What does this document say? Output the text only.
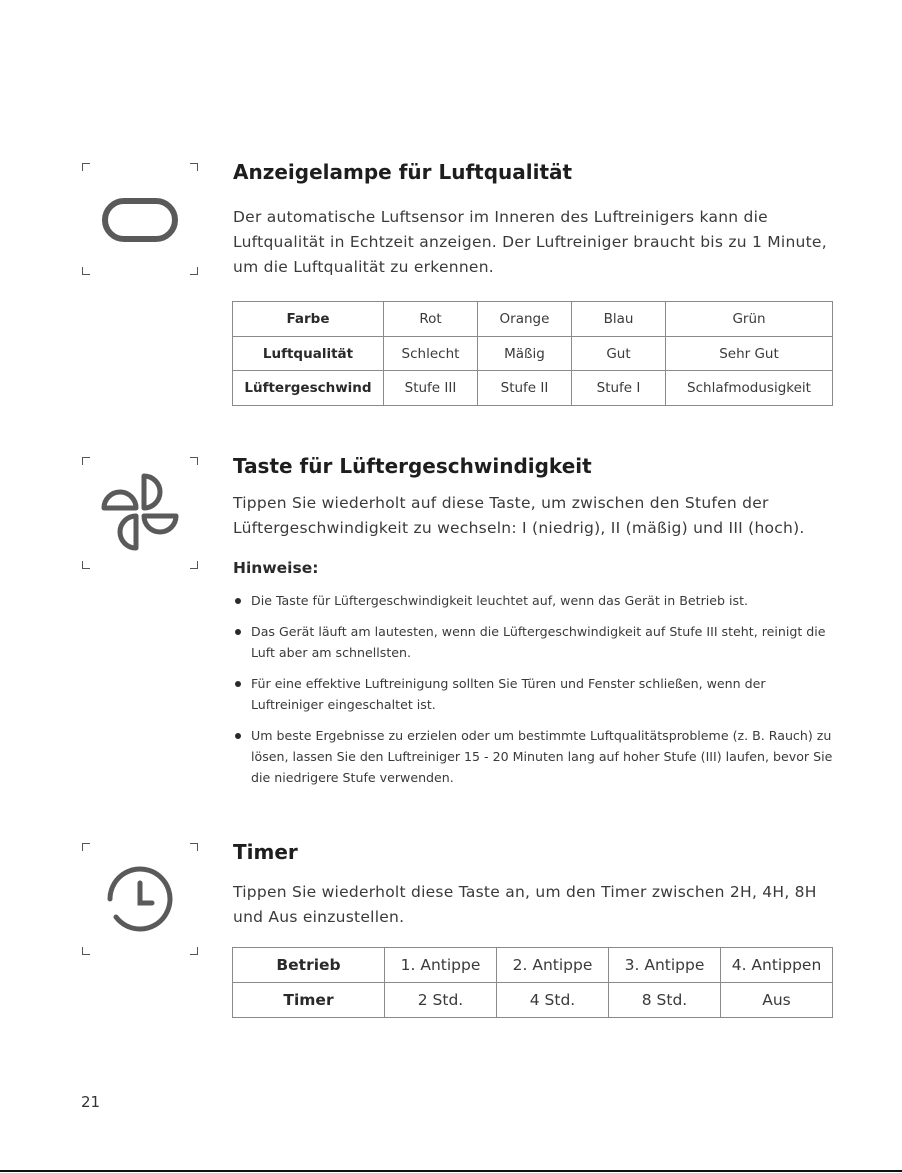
Anzeigelampe für Luftqualität

Der automatische Luftsensor im Inneren des Luftreinigers kann die Luftqualität in Echtzeit anzeigen. Der Luftreiniger braucht bis zu 1 Minute, um die Luftqualität zu erkennen.

Farbe	Rot	Orange	Blau	Grün
Luftqualität	Schlecht	Mäßig	Gut	Sehr Gut
Lüftergeschwind	Stufe III	Stufe II	Stufe I	Schlafmodusigkeit
Taste für Lüftergeschwindigkeit

Tippen Sie wiederholt auf diese Taste, um zwischen den Stufen der Lüftergeschwindigkeit zu wechseln: I (niedrig), II (mäßig) und III (hoch).

Hinweise:
Die Taste für Lüftergeschwindigkeit leuchtet auf, wenn das Gerät in Betrieb ist.
Das Gerät läuft am lautesten, wenn die Lüftergeschwindigkeit auf Stufe III steht, reinigt die Luft aber am schnellsten.
Für eine effektive Luftreinigung sollten Sie Türen und Fenster schließen, wenn der Luftreiniger eingeschaltet ist.
Um beste Ergebnisse zu erzielen oder um bestimmte Luftqualitätsprobleme (z. B. Rauch) zu lösen, lassen Sie den Luftreiniger 15 - 20 Minuten lang auf hoher Stufe (III) laufen, bevor Sie die niedrigere Stufe verwenden.
Timer

Tippen Sie wiederholt diese Taste an, um den Timer zwischen 2H, 4H, 8H und Aus einzustellen.

Betrieb	1. Antippe	2. Antippe	3. Antippe	4. Antippen
Timer	2 Std.	4 Std.	8 Std.	Aus
21
